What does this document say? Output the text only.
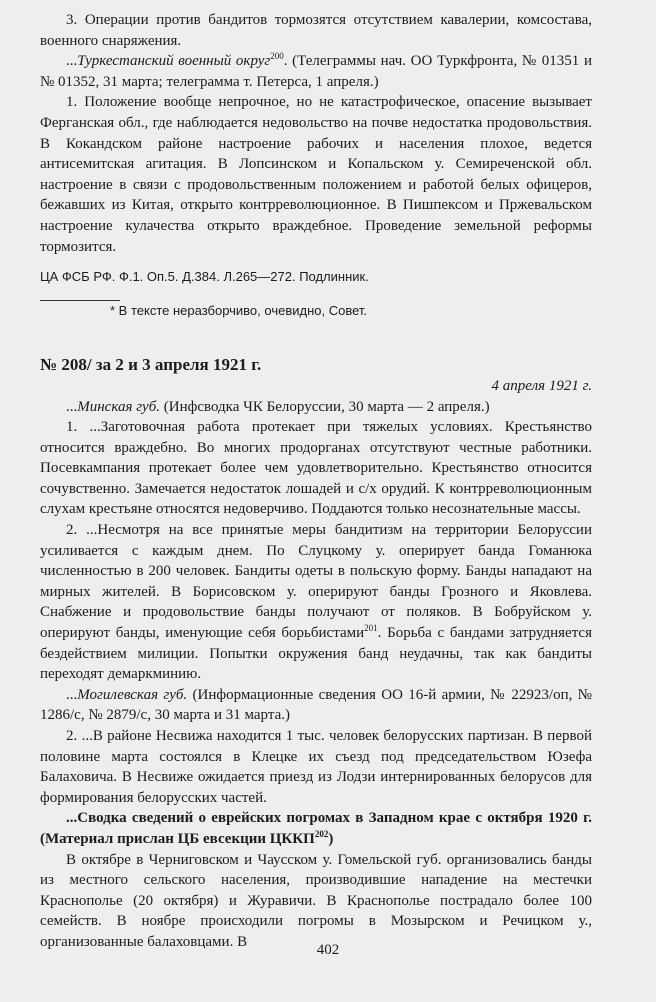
3. Операции против бандитов тормозятся отсутствием кавалерии, комсостава, военного снаряжения.

...Туркестанский военный округ$^{200}$. (Телеграммы нач. ОО Туркфронта, № 01351 и № 01352, 31 марта; телеграмма т. Петерса, 1 апреля.)

1. Положение вообще непрочное, но не катастрофическое, опасение вызывает Ферганская обл., где наблюдается недовольство на почве недостатка продовольствия. В Кокандском районе настроение рабочих и населения плохое, ведется антисемитская агитация. В Лопсинском и Копальском у. Семиреченской обл. настроение в связи с продовольственным положением и работой белых офицеров, бежавших из Китая, открыто контрреволюционное. В Пишпексом и Пржевальском настроение кулачества открыто враждебное. Проведение земельной реформы тормозится.

ЦА ФСБ РФ. Ф.1. Оп.5. Д.384. Л.265—272. Подлинник.

* В тексте неразборчиво, очевидно, Совет.

№ 208/ за 2 и 3 апреля 1921 г.

4 апреля 1921 г.

...Минская губ. (Инфсводка ЧК Белоруссии, 30 марта — 2 апреля.)

1. ...Заготовочная работа протекает при тяжелых условиях. Крестьянство относится враждебно. Во многих продорганах отсутствуют честные работники. Посевкампания протекает более чем удовлетворительно. Крестьянство относится сочувственно. Замечается недостаток лошадей и с/х орудий. К контрреволюционным слухам крестьяне относятся недоверчиво. Поддаются только несознательные массы.

2. ...Несмотря на все принятые меры бандитизм на территории Белоруссии усиливается с каждым днем. По Слуцкому у. оперирует банда Гоманюка численностью в 200 человек. Бандиты одеты в польскую форму. Банды нападают на мирных жителей. В Борисовском у. оперируют банды Грозного и Яковлева. Снабжение и продовольствие банды получают от поляков. В Бобруйском у. оперируют банды, именующие себя борьбистами$^{201}$. Борьба с бандами затрудняется бездействием милиции. Попытки окружения банд неудачны, так как бандиты переходят демаркминию.

...Могилевская губ. (Информационные сведения ОО 16-й армии, № 22923/оп, № 1286/с, № 2879/с, 30 марта и 31 марта.)

2. ...В районе Несвижа находится 1 тыс. человек белорусских партизан. В первой половине марта состоялся в Клецке их съезд под председательством Юзефа Балаховича. В Несвиже ожидается приезд из Лодзи интернированных белорусов для формирования белорусских частей.

...Сводка сведений о еврейских погромах в Западном крае с октября 1920 г. (Материал прислан ЦБ евсекции ЦККП$^{202}$)

В октябре в Черниговском и Чаусском у. Гомельской губ. организовались банды из местного сельского населения, производившие нападение на местечки Краснополье (20 октября) и Журавичи. В Краснополье пострадало более 100 семейств. В ноябре происходили погромы в Мозырском и Речицком у., организованные балаховцами. В

402
